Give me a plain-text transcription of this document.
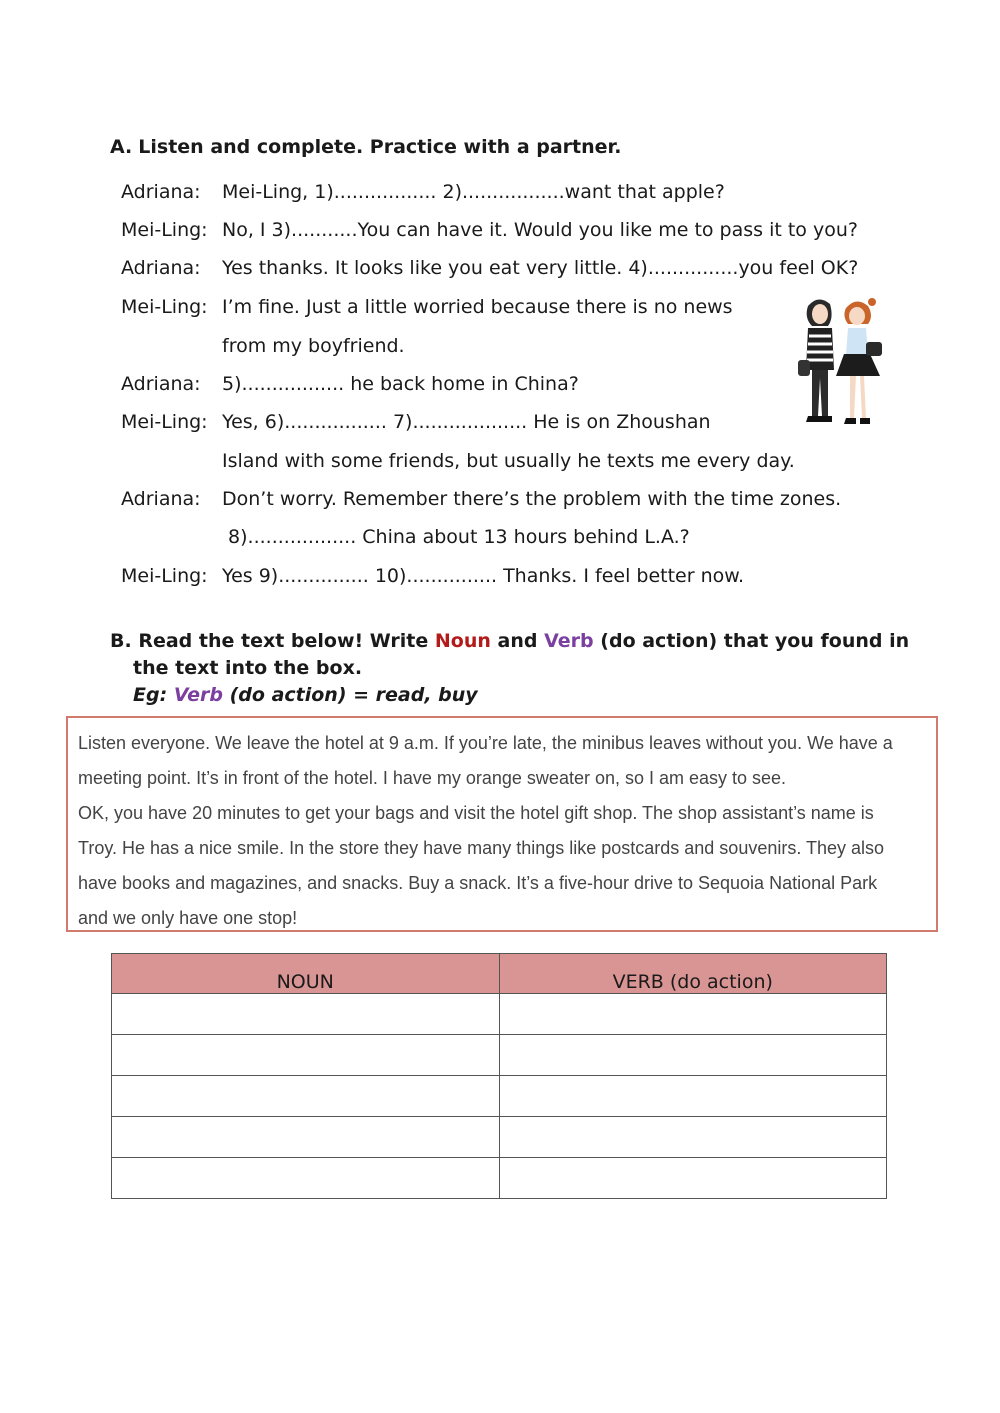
A. Listen and complete. Practice with a partner.
Adriana: Mei-Ling, 1)................. 2).................want that apple?
Mei-Ling: No, I 3)...........You can have it. Would you like me to pass it to you?
Adriana: Yes thanks. It looks like you eat very little. 4)...............you feel OK?
Mei-Ling: I’m fine. Just a little worried because there is no news
from my boyfriend.
Adriana: 5)................. he back home in China?
Mei-Ling: Yes, 6)................. 7)................... He is on Zhoushan
Island with some friends, but usually he texts me every day.
Adriana: Don’t worry. Remember there’s the problem with the time zones.
8).................. China about 13 hours behind L.A.?
Mei-Ling: Yes 9)............... 10)............... Thanks. I feel better now.
B. Read the text below! Write Noun and Verb (do action) that you found in
the text into the box.
Eg: Verb (do action) = read, buy

Listen everyone. We leave the hotel at 9 a.m. If you’re late, the minibus leaves without you. We have a

meeting point. It’s in front of the hotel. I have my orange sweater on, so I am easy to see.

OK, you have 20 minutes to get your bags and visit the hotel gift shop. The shop assistant’s name is

Troy. He has a nice smile. In the store they have many things like postcards and souvenirs. They also

have books and magazines, and snacks. Buy a snack. It’s a five-hour drive to Sequoia National Park

and we only have one stop!

NOUN	VERB (do action)
